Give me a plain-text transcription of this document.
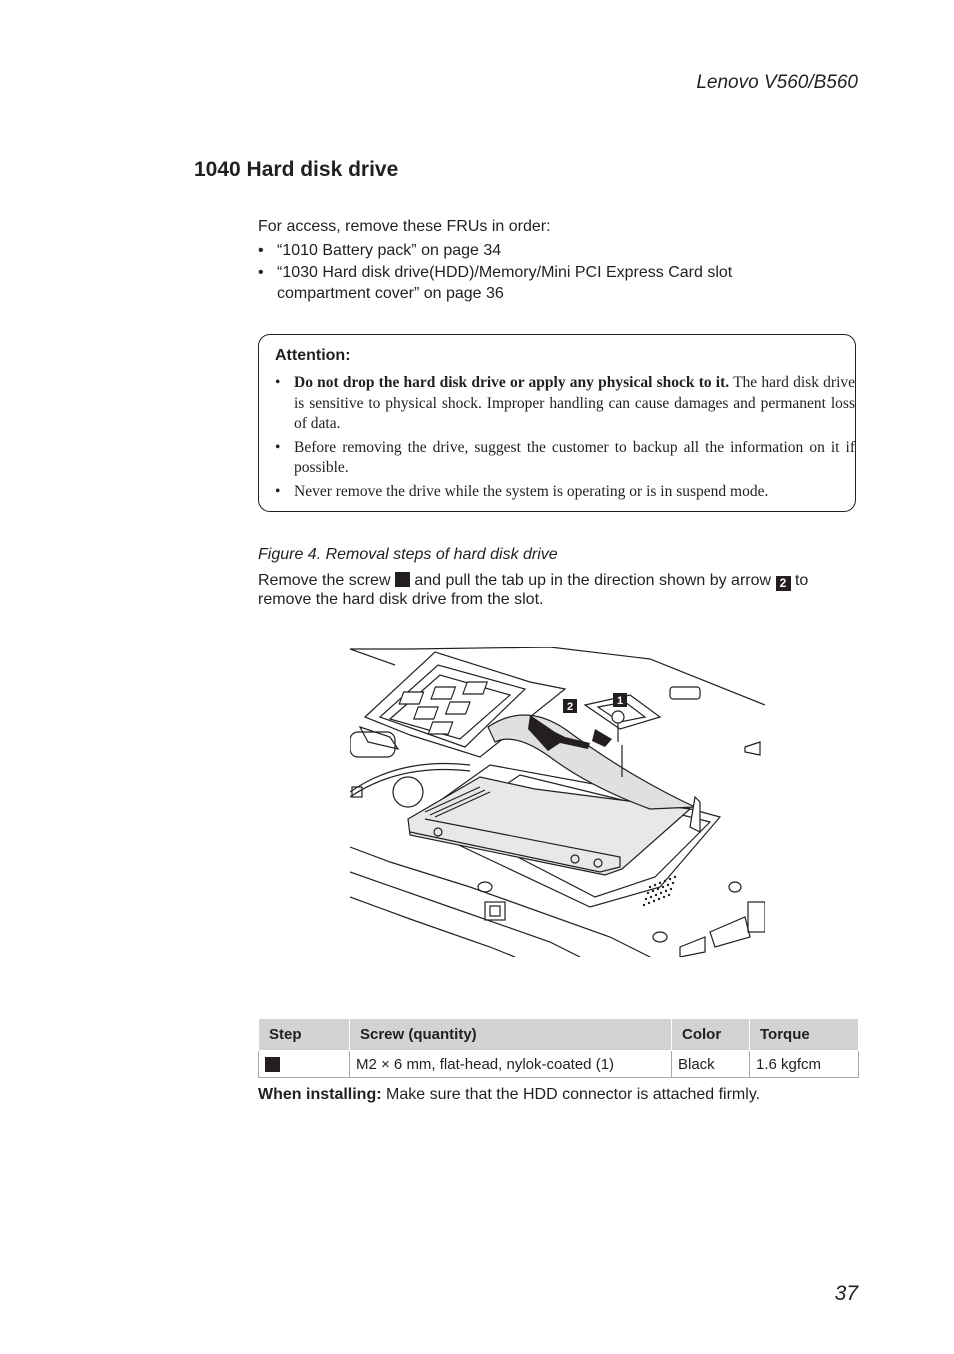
Lenovo V560/B560
1040 Hard disk drive
For access, remove these FRUs in order:
• “1010 Battery pack” on page 34
• “1030 Hard disk drive(HDD)/Memory/Mini PCI Express Card slot
compartment cover” on page 36
Attention:
• Do not drop the hard disk drive or apply any physical shock to it. The hard disk drive is sensitive to physical shock. Improper handling can cause damages and permanent loss of data.
• Before removing the drive, suggest the customer to backup all the information on it if possible.
• Never remove the drive while the system is operating or is in suspend mode.
Figure 4. Removal steps of hard disk drive
Remove the screw  and pull the tab up in the direction shown by arrow 2 to remove the hard disk drive from the slot.
2	1
Step	Screw (quantity)	Color	Torque
	M2 × 6 mm, flat-head, nylok-coated (1)	Black	1.6 kgfcm
When installing: Make sure that the HDD connector is attached firmly.
37
